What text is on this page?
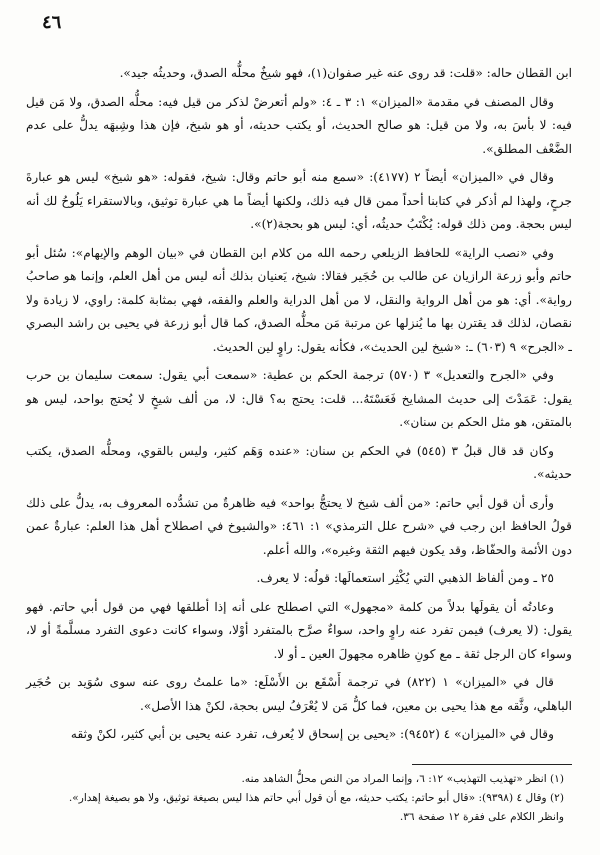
٤٦

ابن القطان حاله: «قلت: قد روى عنه غير صفوان(١)، فهو شيخٌ محلُّه الصدق، وحديثُه جيد».

وقال المصنف في مقدمة «الميزان» ١: ٣ ـ ٤: «ولم أتعرضْ لذكر من قيل فيه: محلُّه الصدق، ولا مَن قيل فيه: لا بأسَ به، ولا من قيل: هو صالح الحديث، أو يكتب حديثه، أو هو شيخ، فإن هذا وشِبهَه يدلُّ على عدم الضَّعْف المطلق».

وقال في «الميزان» أيضاً ٢ (٤١٧٧): «سمع منه أبو حاتم وقال: شيخ، فقوله: «هو شيخ» ليس هو عبارةَ جرحٍ، ولهذا لم أذكر في كتابنا أحداً ممن قال فيه ذلك، ولكنها أيضاً ما هي عبارة توثيق، وبالاستقراء يَلُوحُ لك أنه ليس بحجة. ومن ذلك قوله: يُكْتَبُ حديثُه، أي: ليس هو بحجة(٢)».

وفي «نصب الراية» للحافظ الزيلعي رحمه الله من كلام ابن القطان في «بيان الوهم والإيهام»: سُئل أبو حاتم وأبو زرعة الرازيان عن طالب بن حُجَير فقالا: شيخ، يَعنيان بذلك أنه ليس من أهل العلم، وإنما هو صاحبُ رواية». أي: هو من أهل الرواية والنقل، لا من أهل الدراية والعلم والفقه، فهي بمثابة كلمة: راوي، لا زيادة ولا نقصان، لذلك قد يقترن بها ما يُنزلها عن مرتبة مَن محلُّه الصدق، كما قال أبو زرعة في يحيى بن راشد البصري ـ «الجرح» ٩ (٦٠٣) ـ: «شيخ لين الحديث»، فكأنه يقول: راوٍ لين الحديث.

وفي «الجرح والتعديل» ٣ (٥٧٠) ترجمة الحكم بن عطية: «سمعت أبي يقول: سمعت سليمان بن حرب يقول: عَمَدْتَ إلى حديث المشايخ فَعَسْتَهُ... قلت: يحتج به؟ قال: لا، من ألف شيخٍ لا يُحتج بواحد، ليس هو بالمتقن، هو مثل الحكم بن سنان».

وكان قد قال قبلُ ٣ (٥٤٥) في الحكم بن سنان: «عنده وَهَم كثير، وليس بالقوي، ومحلُّه الصدق، يكتب حديثه».

وأرى أن قول أبي حاتم: «من ألف شيخ لا يحتجُّ بواحد» فيه ظاهرةٌ من تشدُّده المعروف به، يدلُّ على ذلك قولُ الحافظ ابن رجب في «شرح علل الترمذي» ١: ٤٦١: «والشيوخ في اصطلاح أهل هذا العلم: عبارةٌ عمن دون الأئمة والحفّاظ، وقد يكون فيهم الثقة وغيره»، والله أعلم.

٢٥ ـ ومن ألفاظ الذهبي التي يُكْثِر استعمالَها: قولُه: لا يعرف.

وعادتُه أن يقولَها بدلاً من كلمة «مجهول» التي اصطلح على أنه إذا أطلقها فهي من قول أبي حاتم. فهو يقول: (لا يعرف) فيمن تفرد عنه راوٍ واحد، سواءٌ صرَّح بالمتفرد أوْلا، وسواء كانت دعوى التفرد مسلَّمةً أو لا، وسواء كان الرجل ثقة ـ مع كونِ ظاهره مجهولَ العين ـ أو لا.

قال في «الميزان» ١ (٨٢٢) في ترجمة أَسْقَع بن الأَسْلَع: «ما علمتُ روى عنه سوى سُوَيد بن حُجَير الباهلي، وثَّقه مع هذا يحيى بن معين، فما كلُّ مَن لا يُعْرَفُ ليس بحجة، لكنْ هذا الأصل».

وقال في «الميزان» ٤ (٩٤٥٢): «يحيى بن إسحاق لا يُعرف، تفرد عنه يحيى بن أبي كثير، لكنْ وثقه

(١) انظر «تهذيب التهذيب» ١٢: ٦، وإنما المراد من النص محلُّ الشاهد منه.

(٢) وقال ٤ (٩٣٩٨): «قال أبو حاتم: يكتب حديثه، مع أن قول أبي حاتم هذا ليس بصيغة توثيق، ولا هو بصيغة إهدار».

وانظر الكلام على فقرة ١٢ صفحة ٣٦.
